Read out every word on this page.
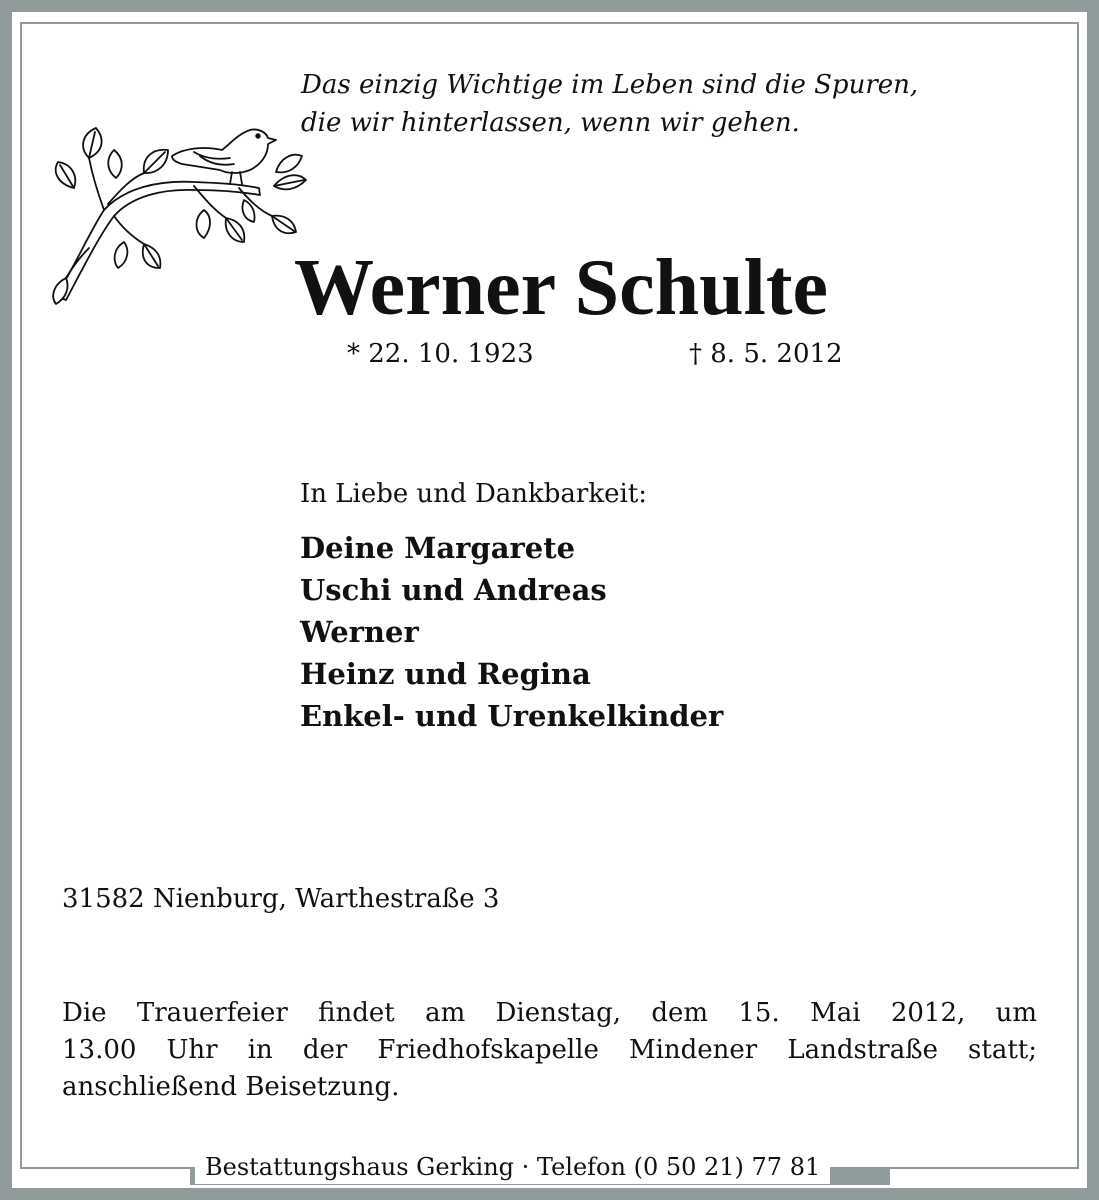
Das einzig Wichtige im Leben sind die Spuren,
die wir hinterlassen, wenn wir gehen.
Werner Schulte
* 22. 10. 1923	† 8. 5. 2012
In Liebe und Dankbarkeit:
Deine Margarete
Uschi und Andreas
Werner
Heinz und Regina
Enkel- und Urenkelkinder
31582 Nienburg, Warthestraße 3
Die Trauerfeier findet am Dienstag, dem 15. Mai 2012, um
13.00 Uhr in der Friedhofskapelle Mindener Landstraße statt;
anschließend Beisetzung.
Bestattungshaus Gerking · Telefon (0 50 21) 77 81
